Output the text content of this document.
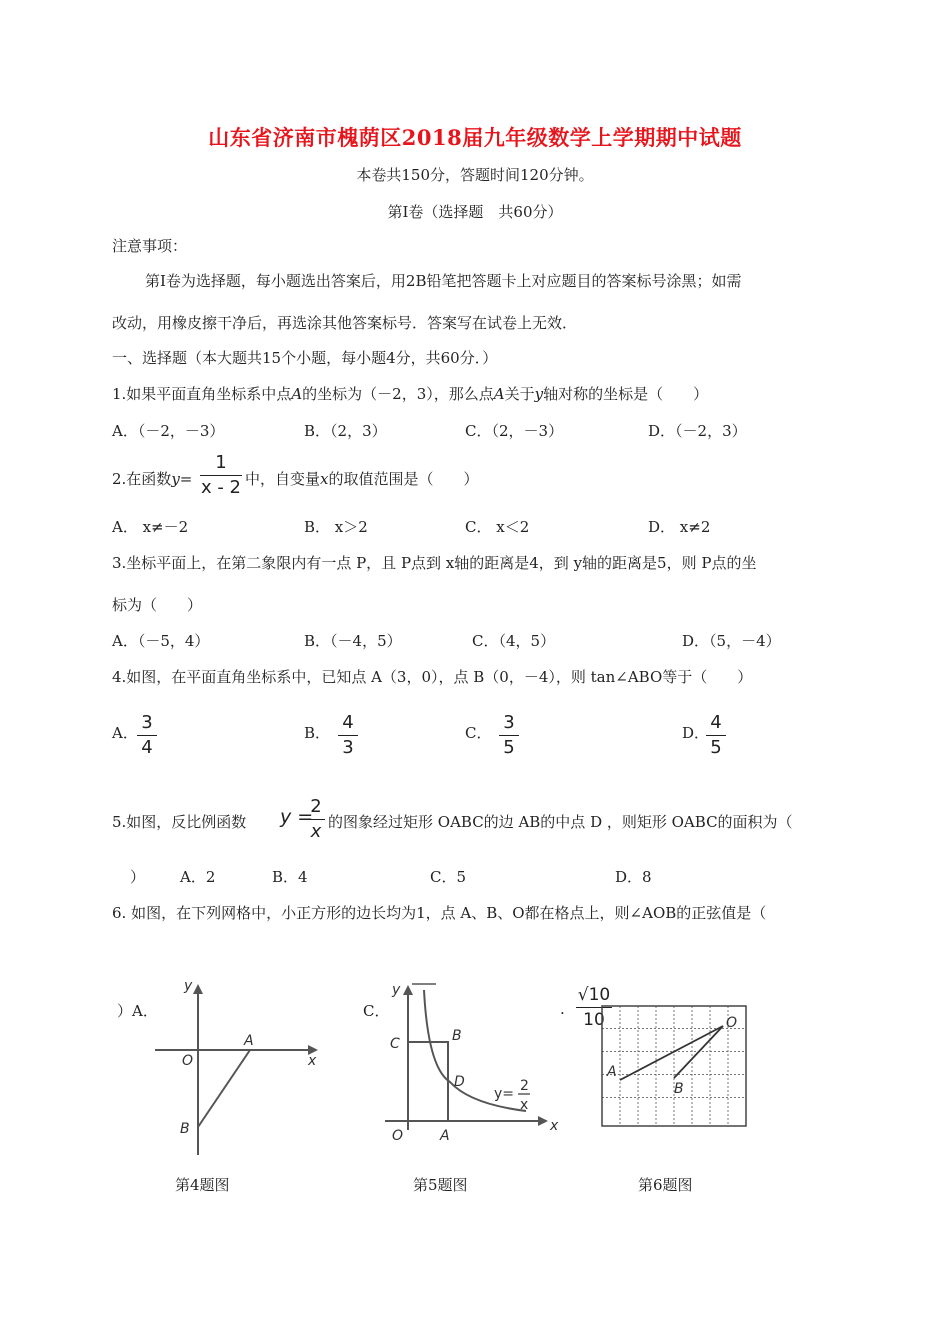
山东省济南市槐荫区2018届九年级数学上学期期中试题
本卷共150分，答题时间120分钟。
第Ⅰ卷（选择题　共60分）
注意事项：
第Ⅰ卷为选择题，每小题选出答案后，用2B铅笔把答题卡上对应题目的答案标号涂黑；如需
改动，用橡皮擦干净后，再选涂其他答案标号．答案写在试卷上无效．
一、选择题（本大题共15个小题，每小题4分，共60分．）
1.如果平面直角坐标系中点A的坐标为（－2，3），那么点A关于y轴对称的坐标是（　　）
A．（－2，－3）	B．（2，3）	C．（2，－3）	D．（－2，3）
2.在函数y=
1
x - 2 中，自变量x的取值范围是（　　）
A． x≠－2	B． x＞2	C． x＜2	D． x≠2
3.坐标平面上，在第二象限内有一点 P，且 P点到 x轴的距离是4，到 y轴的距离是5，则 P点的坐
标为（　　）
A．（－5，4）	B．（－4，5）	C．（4，5）	D．（5，－4）
4.如图，在平面直角坐标系中，已知点 A（3，0），点 B（0，－4），则 tan∠ABO等于（　　）
A． 3
4
B． 4
3
C． 3
5
D． 4
5
5.如图，反比例函数 y =
2
x 的图象经过矩形 OABC的边 AB的中点 D ，则矩形 OABC的面积为（
） A．2	B．4	C．5	D．8
6. 如图，在下列网格中，小正方形的边长均为1，点 A、B、O都在格点上，则∠AOB的正弦值是（
）A．	C．	.
√10
10
y
x
O
A
B
第4题图
y
x
O	A
B
C
D
y= 2
x
第5题图
A
B
O
第6题图
